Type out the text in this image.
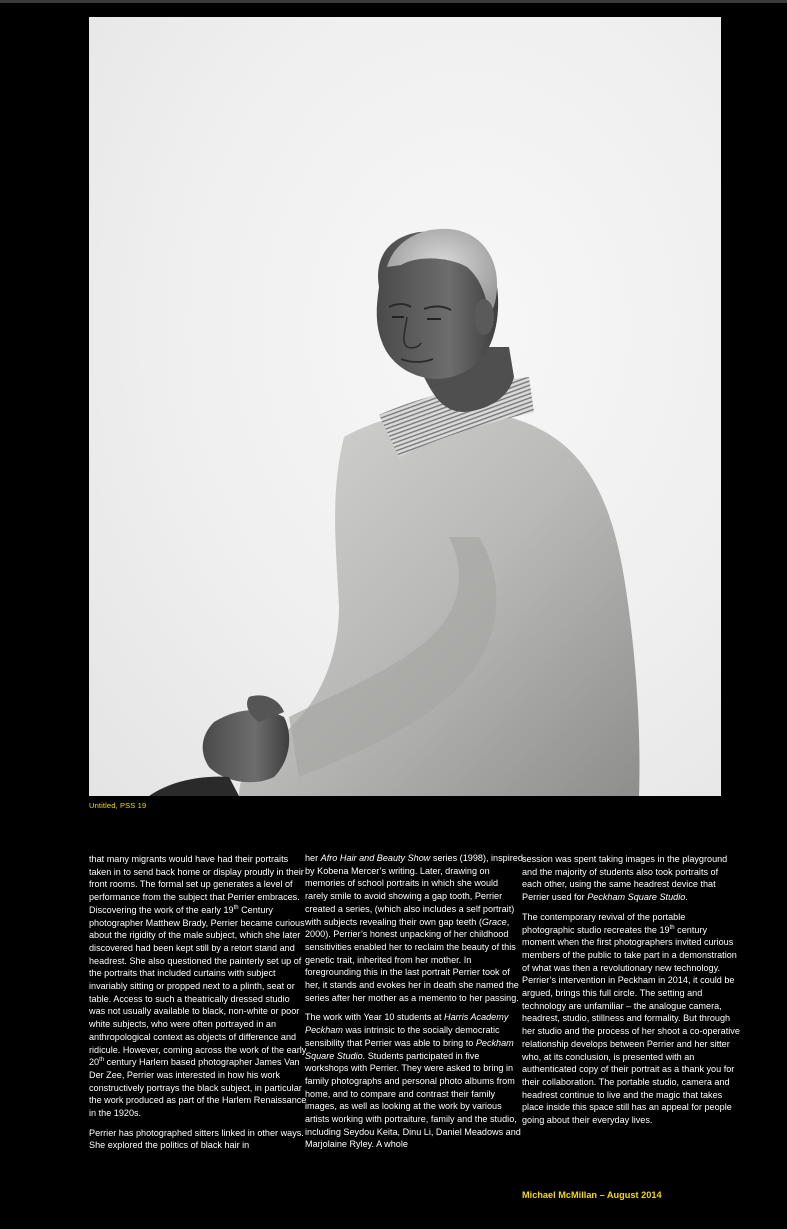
Untitled, PSS 19

that many migrants would have had their portraits taken in to send back home or display proudly in their front rooms. The formal set up generates a level of performance from the subject that Perrier embraces. Discovering the work of the early 19th Century photographer Matthew Brady, Perrier became curious about the rigidity of the male subject, which she later discovered had been kept still by a retort stand and headrest. She also questioned the painterly set up of the portraits that included curtains with subject invariably sitting or propped next to a plinth, seat or table. Access to such a theatrically dressed studio was not usually available to black, non-white or poor white subjects, who were often portrayed in an anthropological context as objects of difference and ridicule. However, coming across the work of the early 20th century Harlem based photographer James Van Der Zee, Perrier was interested in how his work constructively portrays the black subject, in particular the work produced as part of the Harlem Renaissance in the 1920s.

Perrier has photographed sitters linked in other ways. She explored the politics of black hair in

her Afro Hair and Beauty Show series (1998), inspired by Kobena Mercer’s writing. Later, drawing on memories of school portraits in which she would rarely smile to avoid showing a gap tooth, Perrier created a series, (which also includes a self portrait) with subjects revealing their own gap teeth (Grace, 2000). Perrier’s honest unpacking of her childhood sensitivities enabled her to reclaim the beauty of this genetic trait, inherited from her mother. In foregrounding this in the last portrait Perrier took of her, it stands and evokes her in death she named the series after her mother as a memento to her passing.

The work with Year 10 students at Harris Academy Peckham was intrinsic to the socially democratic sensibility that Perrier was able to bring to Peckham Square Studio. Students participated in five workshops with Perrier. They were asked to bring in family photographs and personal photo albums from home, and to compare and contrast their family images, as well as looking at the work by various artists working with portraiture, family and the studio, including Seydou Keita, Dinu Li, Daniel Meadows and Marjolaine Ryley. A whole

session was spent taking images in the playground and the majority of students also took portraits of each other, using the same headrest device that Perrier used for Peckham Square Studio.

The contemporary revival of the portable photographic studio recreates the 19th century moment when the first photographers invited curious members of the public to take part in a demonstration of what was then a revolutionary new technology. Perrier’s intervention in Peckham in 2014, it could be argued, brings this full circle. The setting and technology are unfamiliar – the analogue camera, headrest, studio, stillness and formality. But through her studio and the process of her shoot a co-operative relationship develops between Perrier and her sitter who, at its conclusion, is presented with an authenticated copy of their portrait as a thank you for their collaboration. The portable studio, camera and headrest continue to live and the magic that takes place inside this space still has an appeal for people going about their everyday lives.

Michael McMillan – August 2014
